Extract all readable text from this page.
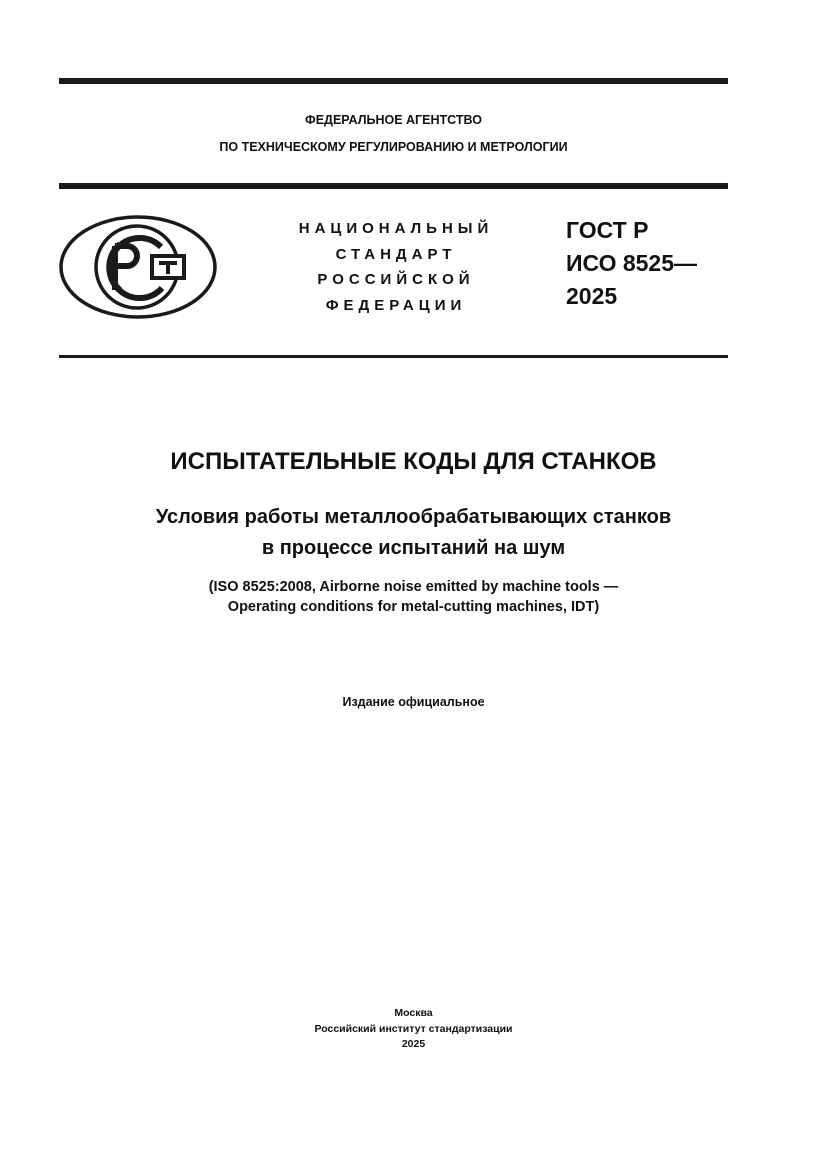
ФЕДЕРАЛЬНОЕ АГЕНТСТВО
ПО ТЕХНИЧЕСКОМУ РЕГУЛИРОВАНИЮ И МЕТРОЛОГИИ
НАЦИОНАЛЬНЫЙ
СТАНДАРТ
РОССИЙСКОЙ
ФЕДЕРАЦИИ
ГОСТ Р
ИСО 8525—
2025
ИСПЫТАТЕЛЬНЫЕ КОДЫ ДЛЯ СТАНКОВ
Условия работы металлообрабатывающих станков
в процессе испытаний на шум
(ISO 8525:2008, Airborne noise emitted by machine tools —
Operating conditions for metal-cutting machines, IDT)
Издание официальное
Москва
Российский институт стандартизации
2025
